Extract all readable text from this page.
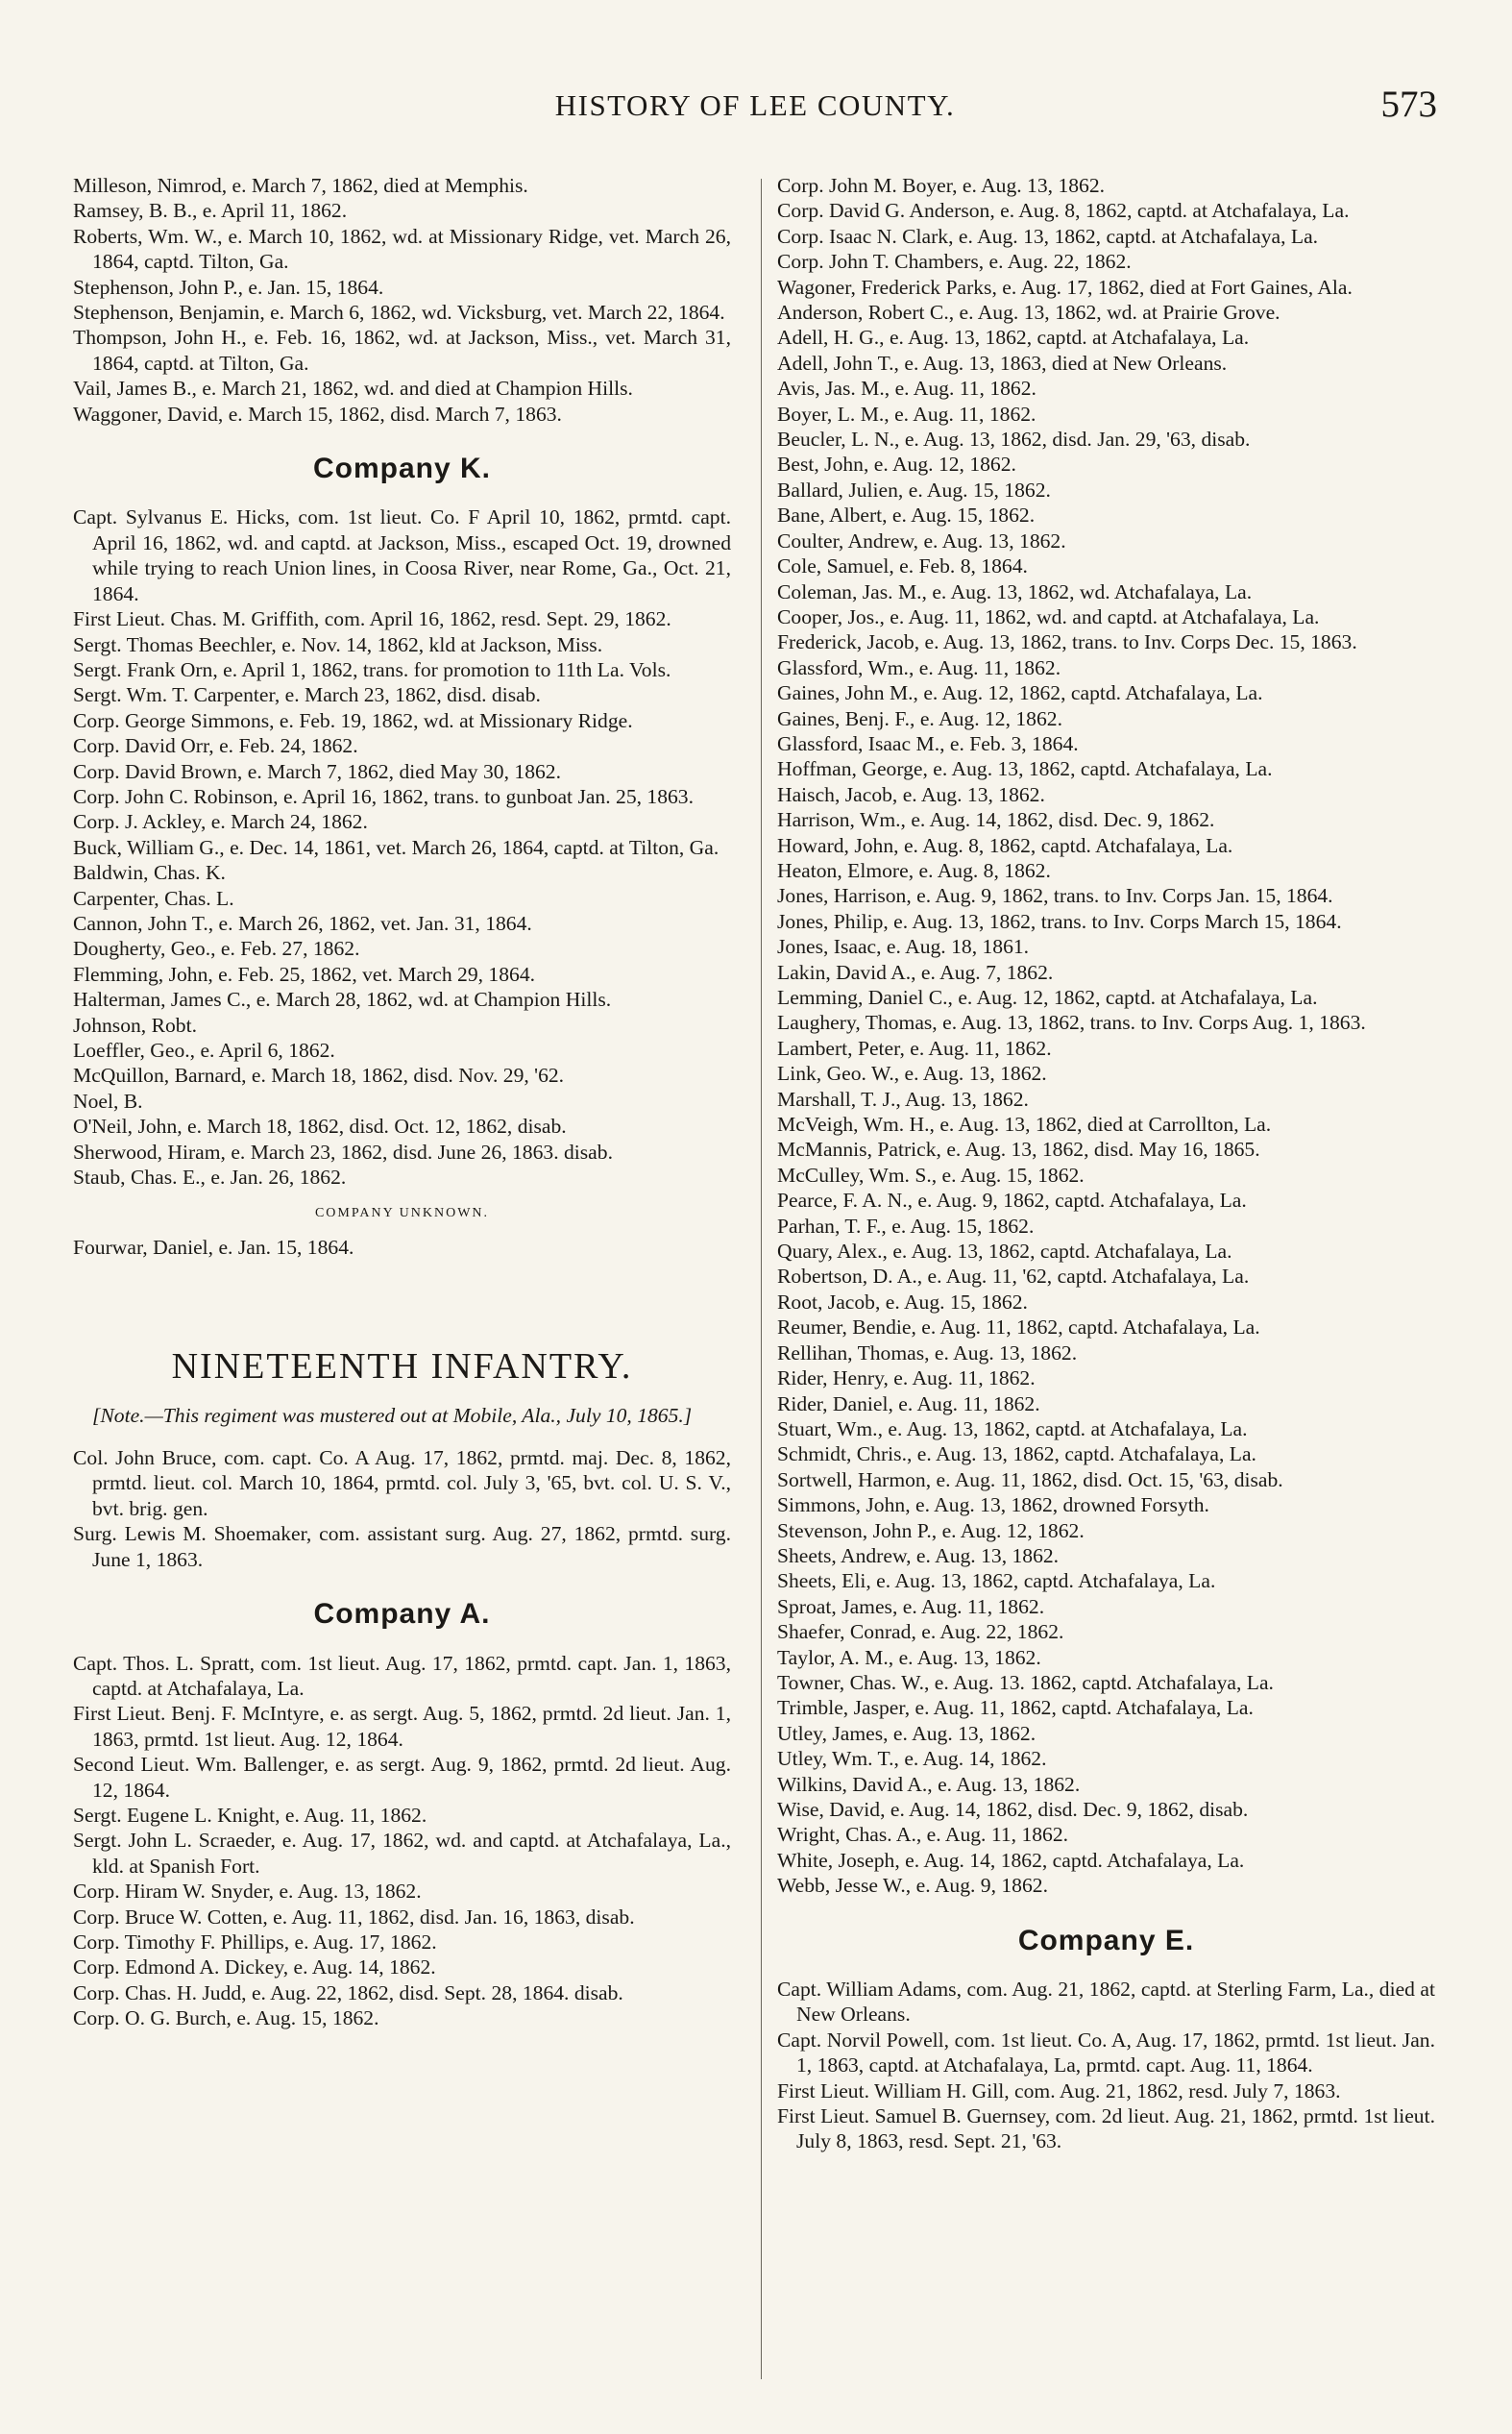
HISTORY OF LEE COUNTY.	573
Milleson, Nimrod, e. March 7, 1862, died at Memphis.
Ramsey, B. B., e. April 11, 1862.
Roberts, Wm. W., e. March 10, 1862, wd. at Missionary Ridge, vet. March 26, 1864, captd. Tilton, Ga.
Stephenson, John P., e. Jan. 15, 1864.
Stephenson, Benjamin, e. March 6, 1862, wd. Vicksburg, vet. March 22, 1864.
Thompson, John H., e. Feb. 16, 1862, wd. at Jackson, Miss., vet. March 31, 1864, captd. at Tilton, Ga.
Vail, James B., e. March 21, 1862, wd. and died at Champion Hills.
Waggoner, David, e. March 15, 1862, disd. March 7, 1863.
Company K.
Capt. Sylvanus E. Hicks, com. 1st lieut. Co. F April 10, 1862, prmtd. capt. April 16, 1862, wd. and captd. at Jackson, Miss., escaped Oct. 19, drowned while trying to reach Union lines, in Coosa River, near Rome, Ga., Oct. 21, 1864.
First Lieut. Chas. M. Griffith, com. April 16, 1862, resd. Sept. 29, 1862.
Sergt. Thomas Beechler, e. Nov. 14, 1862, kld at Jackson, Miss.
Sergt. Frank Orn, e. April 1, 1862, trans. for promotion to 11th La. Vols.
Sergt. Wm. T. Carpenter, e. March 23, 1862, disd. disab.
Corp. George Simmons, e. Feb. 19, 1862, wd. at Missionary Ridge.
Corp. David Orr, e. Feb. 24, 1862.
Corp. David Brown, e. March 7, 1862, died May 30, 1862.
Corp. John C. Robinson, e. April 16, 1862, trans. to gunboat Jan. 25, 1863.
Corp. J. Ackley, e. March 24, 1862.
Buck, William G., e. Dec. 14, 1861, vet. March 26, 1864, captd. at Tilton, Ga.
Baldwin, Chas. K.
Carpenter, Chas. L.
Cannon, John T., e. March 26, 1862, vet. Jan. 31, 1864.
Dougherty, Geo., e. Feb. 27, 1862.
Flemming, John, e. Feb. 25, 1862, vet. March 29, 1864.
Halterman, James C., e. March 28, 1862, wd. at Champion Hills.
Johnson, Robt.
Loeffler, Geo., e. April 6, 1862.
McQuillon, Barnard, e. March 18, 1862, disd. Nov. 29, '62.
Noel, B.
O'Neil, John, e. March 18, 1862, disd. Oct. 12, 1862, disab.
Sherwood, Hiram, e. March 23, 1862, disd. June 26, 1863. disab.
Staub, Chas. E., e. Jan. 26, 1862.
COMPANY UNKNOWN.
Fourwar, Daniel, e. Jan. 15, 1864.
NINETEENTH INFANTRY.
[Note.—This regiment was mustered out at Mobile, Ala., July 10, 1865.]
Col. John Bruce, com. capt. Co. A Aug. 17, 1862, prmtd. maj. Dec. 8, 1862, prmtd. lieut. col. March 10, 1864, prmtd. col. July 3, '65, bvt. col. U. S. V., bvt. brig. gen.
Surg. Lewis M. Shoemaker, com. assistant surg. Aug. 27, 1862, prmtd. surg. June 1, 1863.
Company A.
Capt. Thos. L. Spratt, com. 1st lieut. Aug. 17, 1862, prmtd. capt. Jan. 1, 1863, captd. at Atchafalaya, La.
First Lieut. Benj. F. McIntyre, e. as sergt. Aug. 5, 1862, prmtd. 2d lieut. Jan. 1, 1863, prmtd. 1st lieut. Aug. 12, 1864.
Second Lieut. Wm. Ballenger, e. as sergt. Aug. 9, 1862, prmtd. 2d lieut. Aug. 12, 1864.
Sergt. Eugene L. Knight, e. Aug. 11, 1862.
Sergt. John L. Scraeder, e. Aug. 17, 1862, wd. and captd. at Atchafalaya, La., kld. at Spanish Fort.
Corp. Hiram W. Snyder, e. Aug. 13, 1862.
Corp. Bruce W. Cotten, e. Aug. 11, 1862, disd. Jan. 16, 1863, disab.
Corp. Timothy F. Phillips, e. Aug. 17, 1862.
Corp. Edmond A. Dickey, e. Aug. 14, 1862.
Corp. Chas. H. Judd, e. Aug. 22, 1862, disd. Sept. 28, 1864. disab.
Corp. O. G. Burch, e. Aug. 15, 1862.
Corp. John M. Boyer, e. Aug. 13, 1862.
Corp. David G. Anderson, e. Aug. 8, 1862, captd. at Atchafalaya, La.
Corp. Isaac N. Clark, e. Aug. 13, 1862, captd. at Atchafalaya, La.
Corp. John T. Chambers, e. Aug. 22, 1862.
Wagoner, Frederick Parks, e. Aug. 17, 1862, died at Fort Gaines, Ala.
Anderson, Robert C., e. Aug. 13, 1862, wd. at Prairie Grove.
Adell, H. G., e. Aug. 13, 1862, captd. at Atchafalaya, La.
Adell, John T., e. Aug. 13, 1863, died at New Orleans.
Avis, Jas. M., e. Aug. 11, 1862.
Boyer, L. M., e. Aug. 11, 1862.
Beucler, L. N., e. Aug. 13, 1862, disd. Jan. 29, '63, disab.
Best, John, e. Aug. 12, 1862.
Ballard, Julien, e. Aug. 15, 1862.
Bane, Albert, e. Aug. 15, 1862.
Coulter, Andrew, e. Aug. 13, 1862.
Cole, Samuel, e. Feb. 8, 1864.
Coleman, Jas. M., e. Aug. 13, 1862, wd. Atchafalaya, La.
Cooper, Jos., e. Aug. 11, 1862, wd. and captd. at Atchafalaya, La.
Frederick, Jacob, e. Aug. 13, 1862, trans. to Inv. Corps Dec. 15, 1863.
Glassford, Wm., e. Aug. 11, 1862.
Gaines, John M., e. Aug. 12, 1862, captd. Atchafalaya, La.
Gaines, Benj. F., e. Aug. 12, 1862.
Glassford, Isaac M., e. Feb. 3, 1864.
Hoffman, George, e. Aug. 13, 1862, captd. Atchafalaya, La.
Haisch, Jacob, e. Aug. 13, 1862.
Harrison, Wm., e. Aug. 14, 1862, disd. Dec. 9, 1862.
Howard, John, e. Aug. 8, 1862, captd. Atchafalaya, La.
Heaton, Elmore, e. Aug. 8, 1862.
Jones, Harrison, e. Aug. 9, 1862, trans. to Inv. Corps Jan. 15, 1864.
Jones, Philip, e. Aug. 13, 1862, trans. to Inv. Corps March 15, 1864.
Jones, Isaac, e. Aug. 18, 1861.
Lakin, David A., e. Aug. 7, 1862.
Lemming, Daniel C., e. Aug. 12, 1862, captd. at Atchafalaya, La.
Laughery, Thomas, e. Aug. 13, 1862, trans. to Inv. Corps Aug. 1, 1863.
Lambert, Peter, e. Aug. 11, 1862.
Link, Geo. W., e. Aug. 13, 1862.
Marshall, T. J., Aug. 13, 1862.
McVeigh, Wm. H., e. Aug. 13, 1862, died at Carrollton, La.
McMannis, Patrick, e. Aug. 13, 1862, disd. May 16, 1865.
McCulley, Wm. S., e. Aug. 15, 1862.
Pearce, F. A. N., e. Aug. 9, 1862, captd. Atchafalaya, La.
Parhan, T. F., e. Aug. 15, 1862.
Quary, Alex., e. Aug. 13, 1862, captd. Atchafalaya, La.
Robertson, D. A., e. Aug. 11, '62, captd. Atchafalaya, La.
Root, Jacob, e. Aug. 15, 1862.
Reumer, Bendie, e. Aug. 11, 1862, captd. Atchafalaya, La.
Rellihan, Thomas, e. Aug. 13, 1862.
Rider, Henry, e. Aug. 11, 1862.
Rider, Daniel, e. Aug. 11, 1862.
Stuart, Wm., e. Aug. 13, 1862, captd. at Atchafalaya, La.
Schmidt, Chris., e. Aug. 13, 1862, captd. Atchafalaya, La.
Sortwell, Harmon, e. Aug. 11, 1862, disd. Oct. 15, '63, disab.
Simmons, John, e. Aug. 13, 1862, drowned Forsyth.
Stevenson, John P., e. Aug. 12, 1862.
Sheets, Andrew, e. Aug. 13, 1862.
Sheets, Eli, e. Aug. 13, 1862, captd. Atchafalaya, La.
Sproat, James, e. Aug. 11, 1862.
Shaefer, Conrad, e. Aug. 22, 1862.
Taylor, A. M., e. Aug. 13, 1862.
Towner, Chas. W., e. Aug. 13. 1862, captd. Atchafalaya, La.
Trimble, Jasper, e. Aug. 11, 1862, captd. Atchafalaya, La.
Utley, James, e. Aug. 13, 1862.
Utley, Wm. T., e. Aug. 14, 1862.
Wilkins, David A., e. Aug. 13, 1862.
Wise, David, e. Aug. 14, 1862, disd. Dec. 9, 1862, disab.
Wright, Chas. A., e. Aug. 11, 1862.
White, Joseph, e. Aug. 14, 1862, captd. Atchafalaya, La.
Webb, Jesse W., e. Aug. 9, 1862.
Company E.
Capt. William Adams, com. Aug. 21, 1862, captd. at Sterling Farm, La., died at New Orleans.
Capt. Norvil Powell, com. 1st lieut. Co. A, Aug. 17, 1862, prmtd. 1st lieut. Jan. 1, 1863, captd. at Atchafalaya, La, prmtd. capt. Aug. 11, 1864.
First Lieut. William H. Gill, com. Aug. 21, 1862, resd. July 7, 1863.
First Lieut. Samuel B. Guernsey, com. 2d lieut. Aug. 21, 1862, prmtd. 1st lieut. July 8, 1863, resd. Sept. 21, '63.
